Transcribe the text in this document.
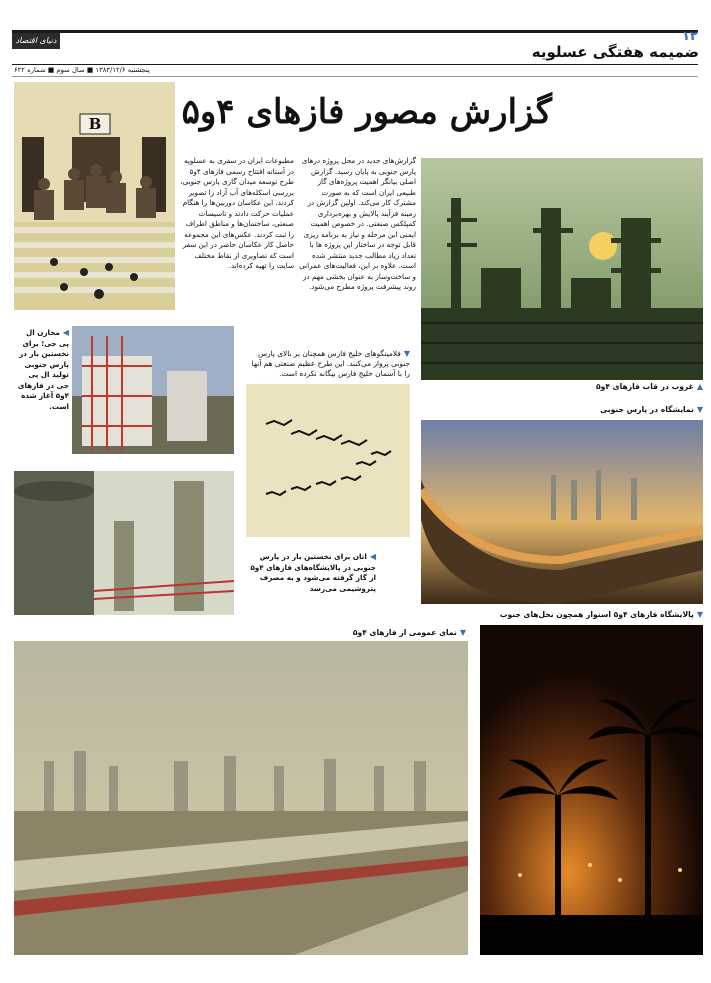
۱۲
دنیای اقتصاد
ضمیمه هفتگی عسلویه
پنجشنبه ۱۳۸۳/۱۲/۶ ■ سال سوم ■ شماره ۶۲۲
گزارش مصور فازهای ۴و۵
B
گزارش‌های جدید در محل پروژه درهای پارس جنوبی به پایان رسید. گزارش اصلی بیانگر اهمیت پروژه‌های گاز طبیعی ایران است که به صورت مشترک کار می‌کند. اولین گزارش در زمینه فرآیند پالایش و بهره‌برداری کمپلکس صنعتی. در خصوص اهمیت ایمنی این مرحله و نیاز به برنامه ریزی قابل توجه در ساختار این پروژه ها با تعداد زیاد مطالب جدید منتشر شده است. علاوه بر این، فعالیت‌های عمرانی و ساخت‌وساز به عنوان بخشی مهم در روند پیشرفت پروژه مطرح می‌شود.
مطبوعات ایران در سفری به عسلویه در آستانه افتتاح رسمی فازهای ۴و۵ طرح توسعه میدان گازی پارس جنوبی، بررسی اسکله‌های آب آزاد را تصویر کردند. این عکاسان دوربین‌ها را هنگام عملیات حرکت دادند و تاسیسات صنعتی، ساختمان‌ها و مناطق اطراف را ثبت کردند. عکس‌های این مجموعه حاصل کار عکاسان حاضر در این سفر است که تصاویری از نقاط مختلف سایت را تهیه کرده‌اند.
▲غروب در قاب فازهای ۴و۵
▼نمایشگاه در پارس جنوبی
◀مخازن ال پی جی؛ برای نخستین بار در پارس جنوبی تولید ال پی جی در فازهای ۴و۵ آغاز شده است.
▼فلامینگوهای خلیج فارس همچنان بر بالای پارس جنوبی پرواز می‌کنند. این طرح عظیم صنعتی هم آنها را با آسمان خلیج فارس بیگانه نکرده است.
◀اتان برای نخستین بار در پارس جنوبی در پالایشگاه‌های فازهای ۴و۵ از گاز گرفته می‌شود و به مصرف پتروشیمی می‌رسد
▼پالایشگاه فازهای ۴و۵ استوار همچون نخل‌های جنوب
▼نمای عمومی از فازهای ۴و۵
